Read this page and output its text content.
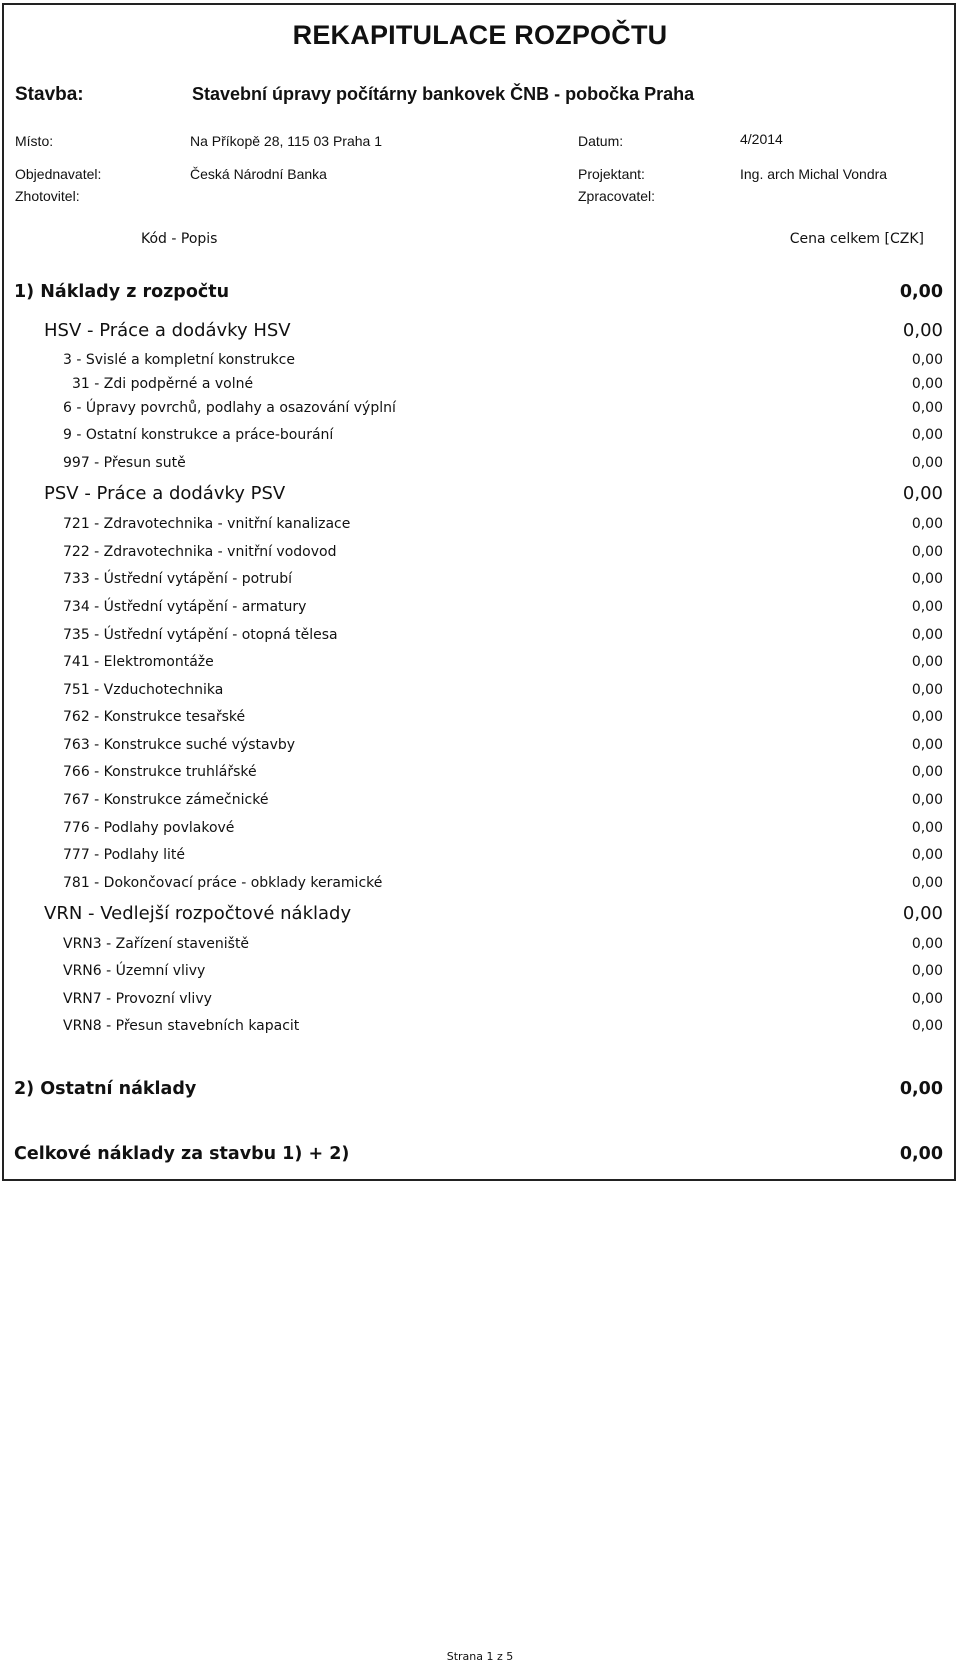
REKAPITULACE ROZPOČTU
Stavba:	Stavební úpravy počítárny bankovek ČNB - pobočka Praha
Místo:	Na Příkopě 28, 115 03 Praha 1	Datum:	4/2014
Objednavatel:	Česká Národní Banka	Projektant:	Ing. arch Michal Vondra
Zhotovitel:	Zpracovatel:
Kód - Popis	Cena celkem [CZK]
1) Náklady z rozpočtu	0,00
HSV - Práce a dodávky HSV	0,00
3 - Svislé a kompletní konstrukce	0,00
31 - Zdi podpěrné a volné	0,00
6 - Úpravy povrchů, podlahy a osazování výplní	0,00
9 - Ostatní konstrukce a práce-bourání	0,00
997 - Přesun sutě	0,00
PSV - Práce a dodávky PSV	0,00
721 - Zdravotechnika - vnitřní kanalizace	0,00
722 - Zdravotechnika - vnitřní vodovod	0,00
733 - Ústřední vytápění - potrubí	0,00
734 - Ústřední vytápění - armatury	0,00
735 - Ústřední vytápění - otopná tělesa	0,00
741 - Elektromontáže	0,00
751 - Vzduchotechnika	0,00
762 - Konstrukce tesařské	0,00
763 - Konstrukce suché výstavby	0,00
766 - Konstrukce truhlářské	0,00
767 - Konstrukce zámečnické	0,00
776 - Podlahy povlakové	0,00
777 - Podlahy lité	0,00
781 - Dokončovací práce - obklady keramické	0,00
VRN - Vedlejší rozpočtové náklady	0,00
VRN3 - Zařízení staveniště	0,00
VRN6 - Územní vlivy	0,00
VRN7 - Provozní vlivy	0,00
VRN8 - Přesun stavebních kapacit	0,00
2) Ostatní náklady	0,00
Celkové náklady za stavbu 1) + 2)	0,00
Strana 1 z 5
